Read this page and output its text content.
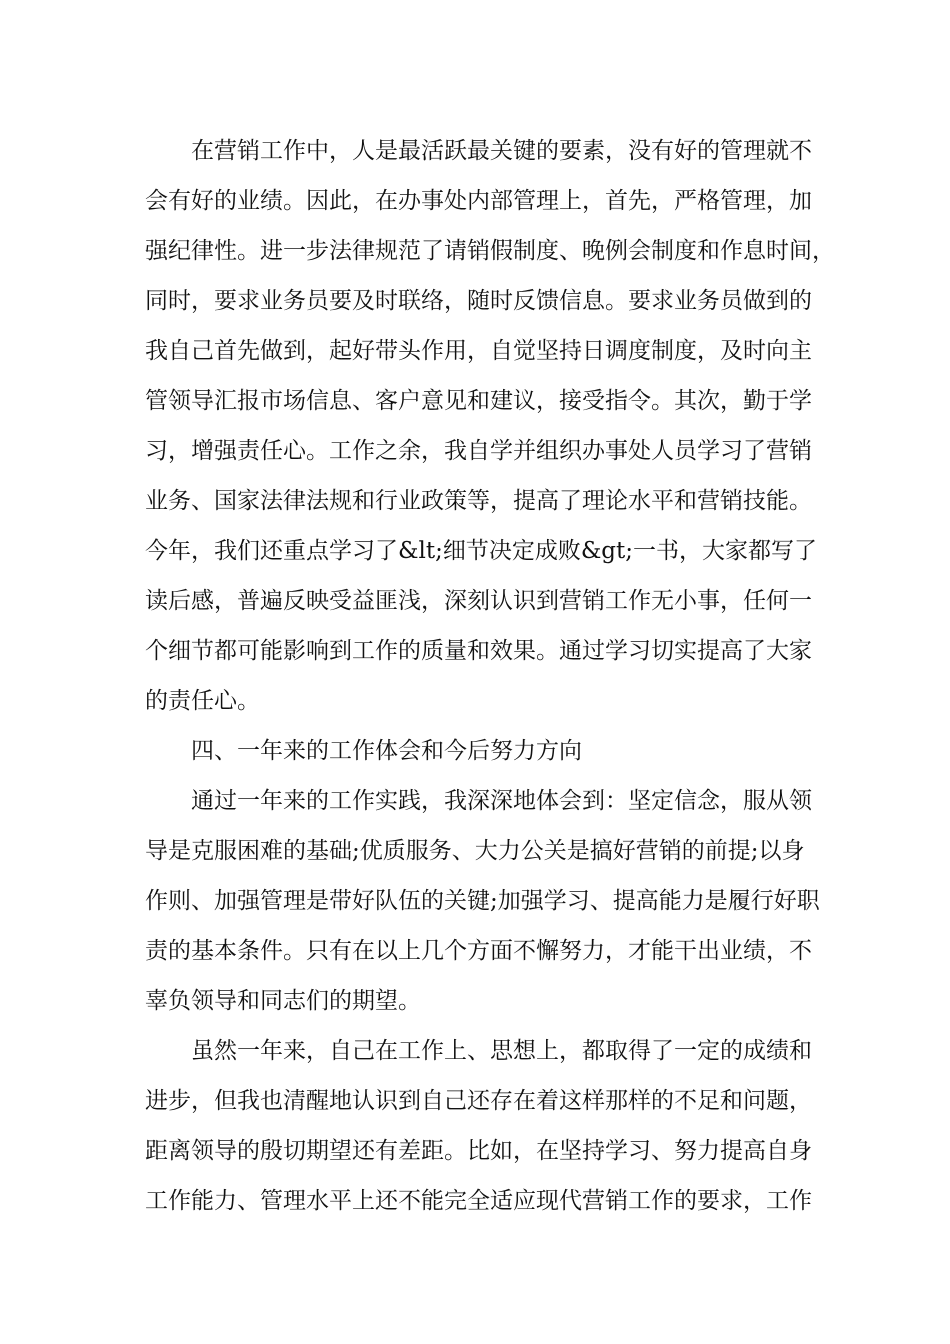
在营销工作中，人是最活跃最关键的要素，没有好的管理就不
会有好的业绩。因此，在办事处内部管理上，首先，严格管理，加
强纪律性。进一步法律规范了请销假制度、晚例会制度和作息时间，
同时，要求业务员要及时联络，随时反馈信息。要求业务员做到的
我自己首先做到，起好带头作用，自觉坚持日调度制度，及时向主
管领导汇报市场信息、客户意见和建议，接受指令。其次，勤于学
习，增强责任心。工作之余，我自学并组织办事处人员学习了营销
业务、国家法律法规和行业政策等，提高了理论水平和营销技能。
今年，我们还重点学习了&lt;细节决定成败&gt;一书，大家都写了
读后感，普遍反映受益匪浅，深刻认识到营销工作无小事，任何一
个细节都可能影响到工作的质量和效果。通过学习切实提高了大家
的责任心。
四、一年来的工作体会和今后努力方向
通过一年来的工作实践，我深深地体会到：坚定信念，服从领
导是克服困难的基础;优质服务、大力公关是搞好营销的前提;以身
作则、加强管理是带好队伍的关键;加强学习、提高能力是履行好职
责的基本条件。只有在以上几个方面不懈努力，才能干出业绩，不
辜负领导和同志们的期望。
虽然一年来，自己在工作上、思想上，都取得了一定的成绩和
进步，但我也清醒地认识到自己还存在着这样那样的不足和问题，
距离领导的殷切期望还有差距。比如，在坚持学习、努力提高自身
工作能力、管理水平上还不能完全适应现代营销工作的要求，工作
